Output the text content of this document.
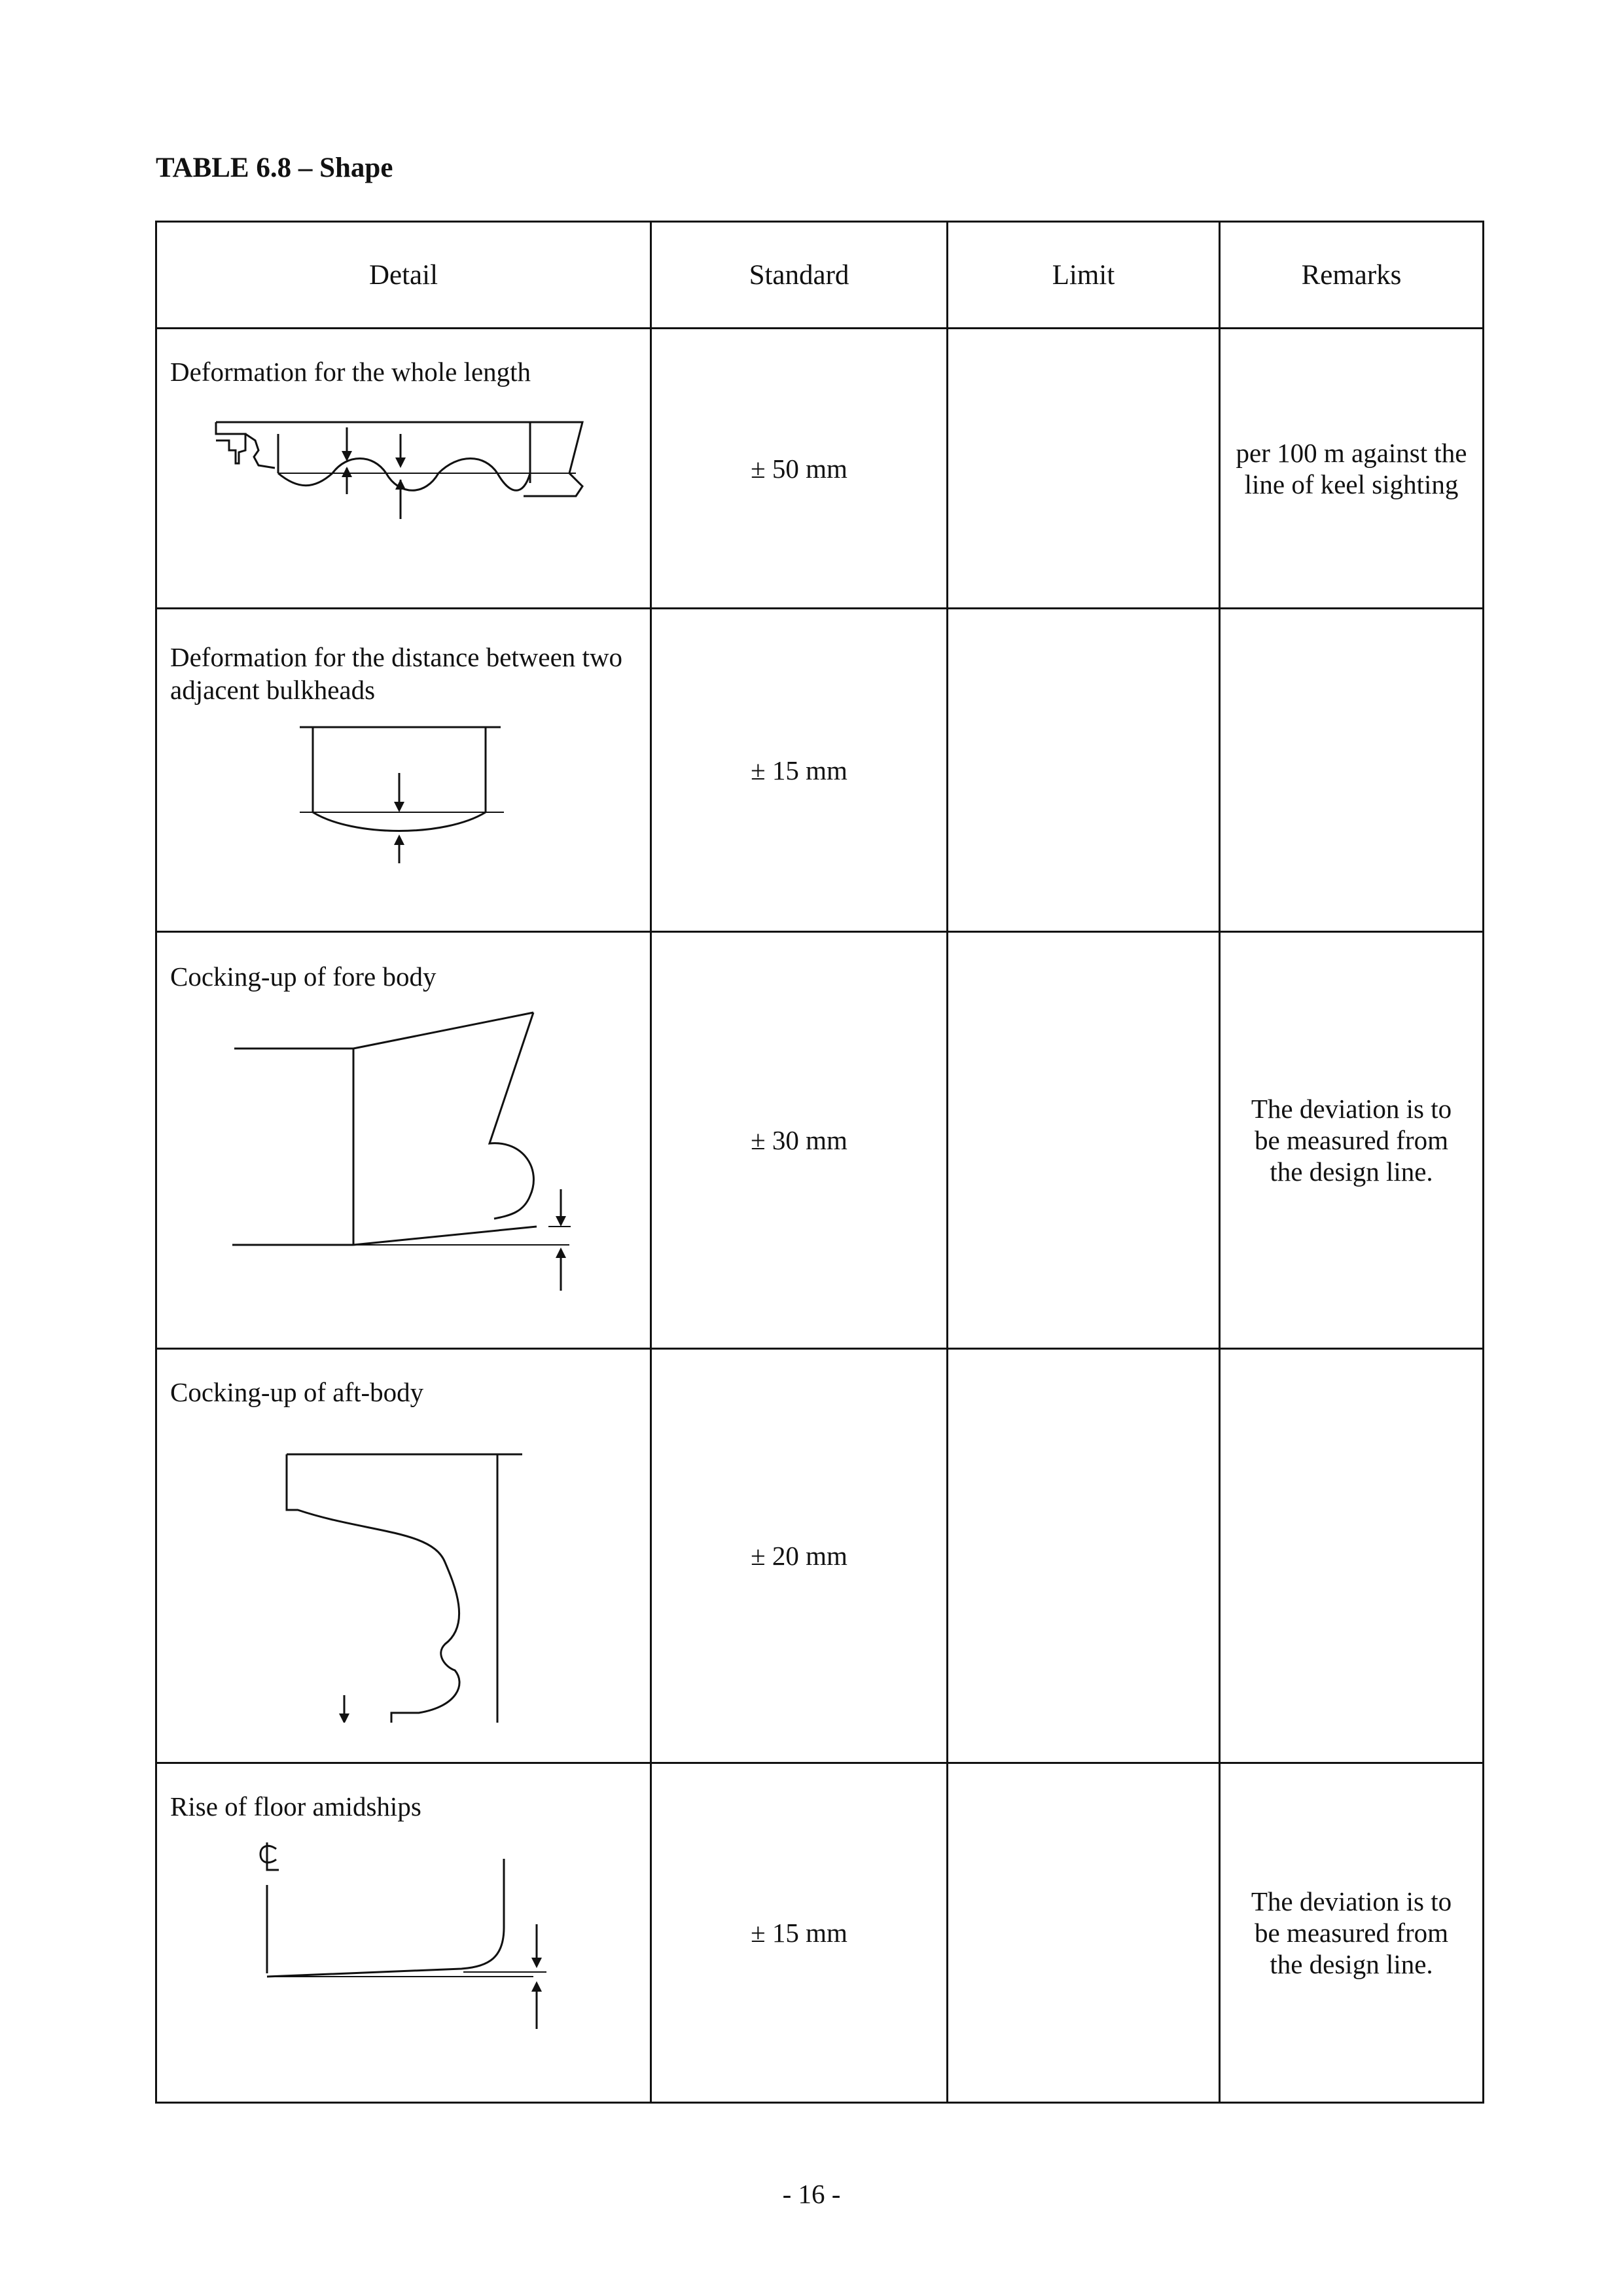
TABLE 6.8 – Shape
Detail	Standard	Limit	Remarks

Deformation for the whole length	± 50 mm		per 100 m against the
line of keel sighting

Deformation for the distance between two adjacent bulkheads	± 15 mm		

Cocking-up of fore body	± 30 mm		The deviation is to
be measured from
the design line.

Cocking-up of aft-body	± 20 mm		

Rise of floor amidships	± 15 mm		The deviation is to
be measured from
the design line.
- 16 -
